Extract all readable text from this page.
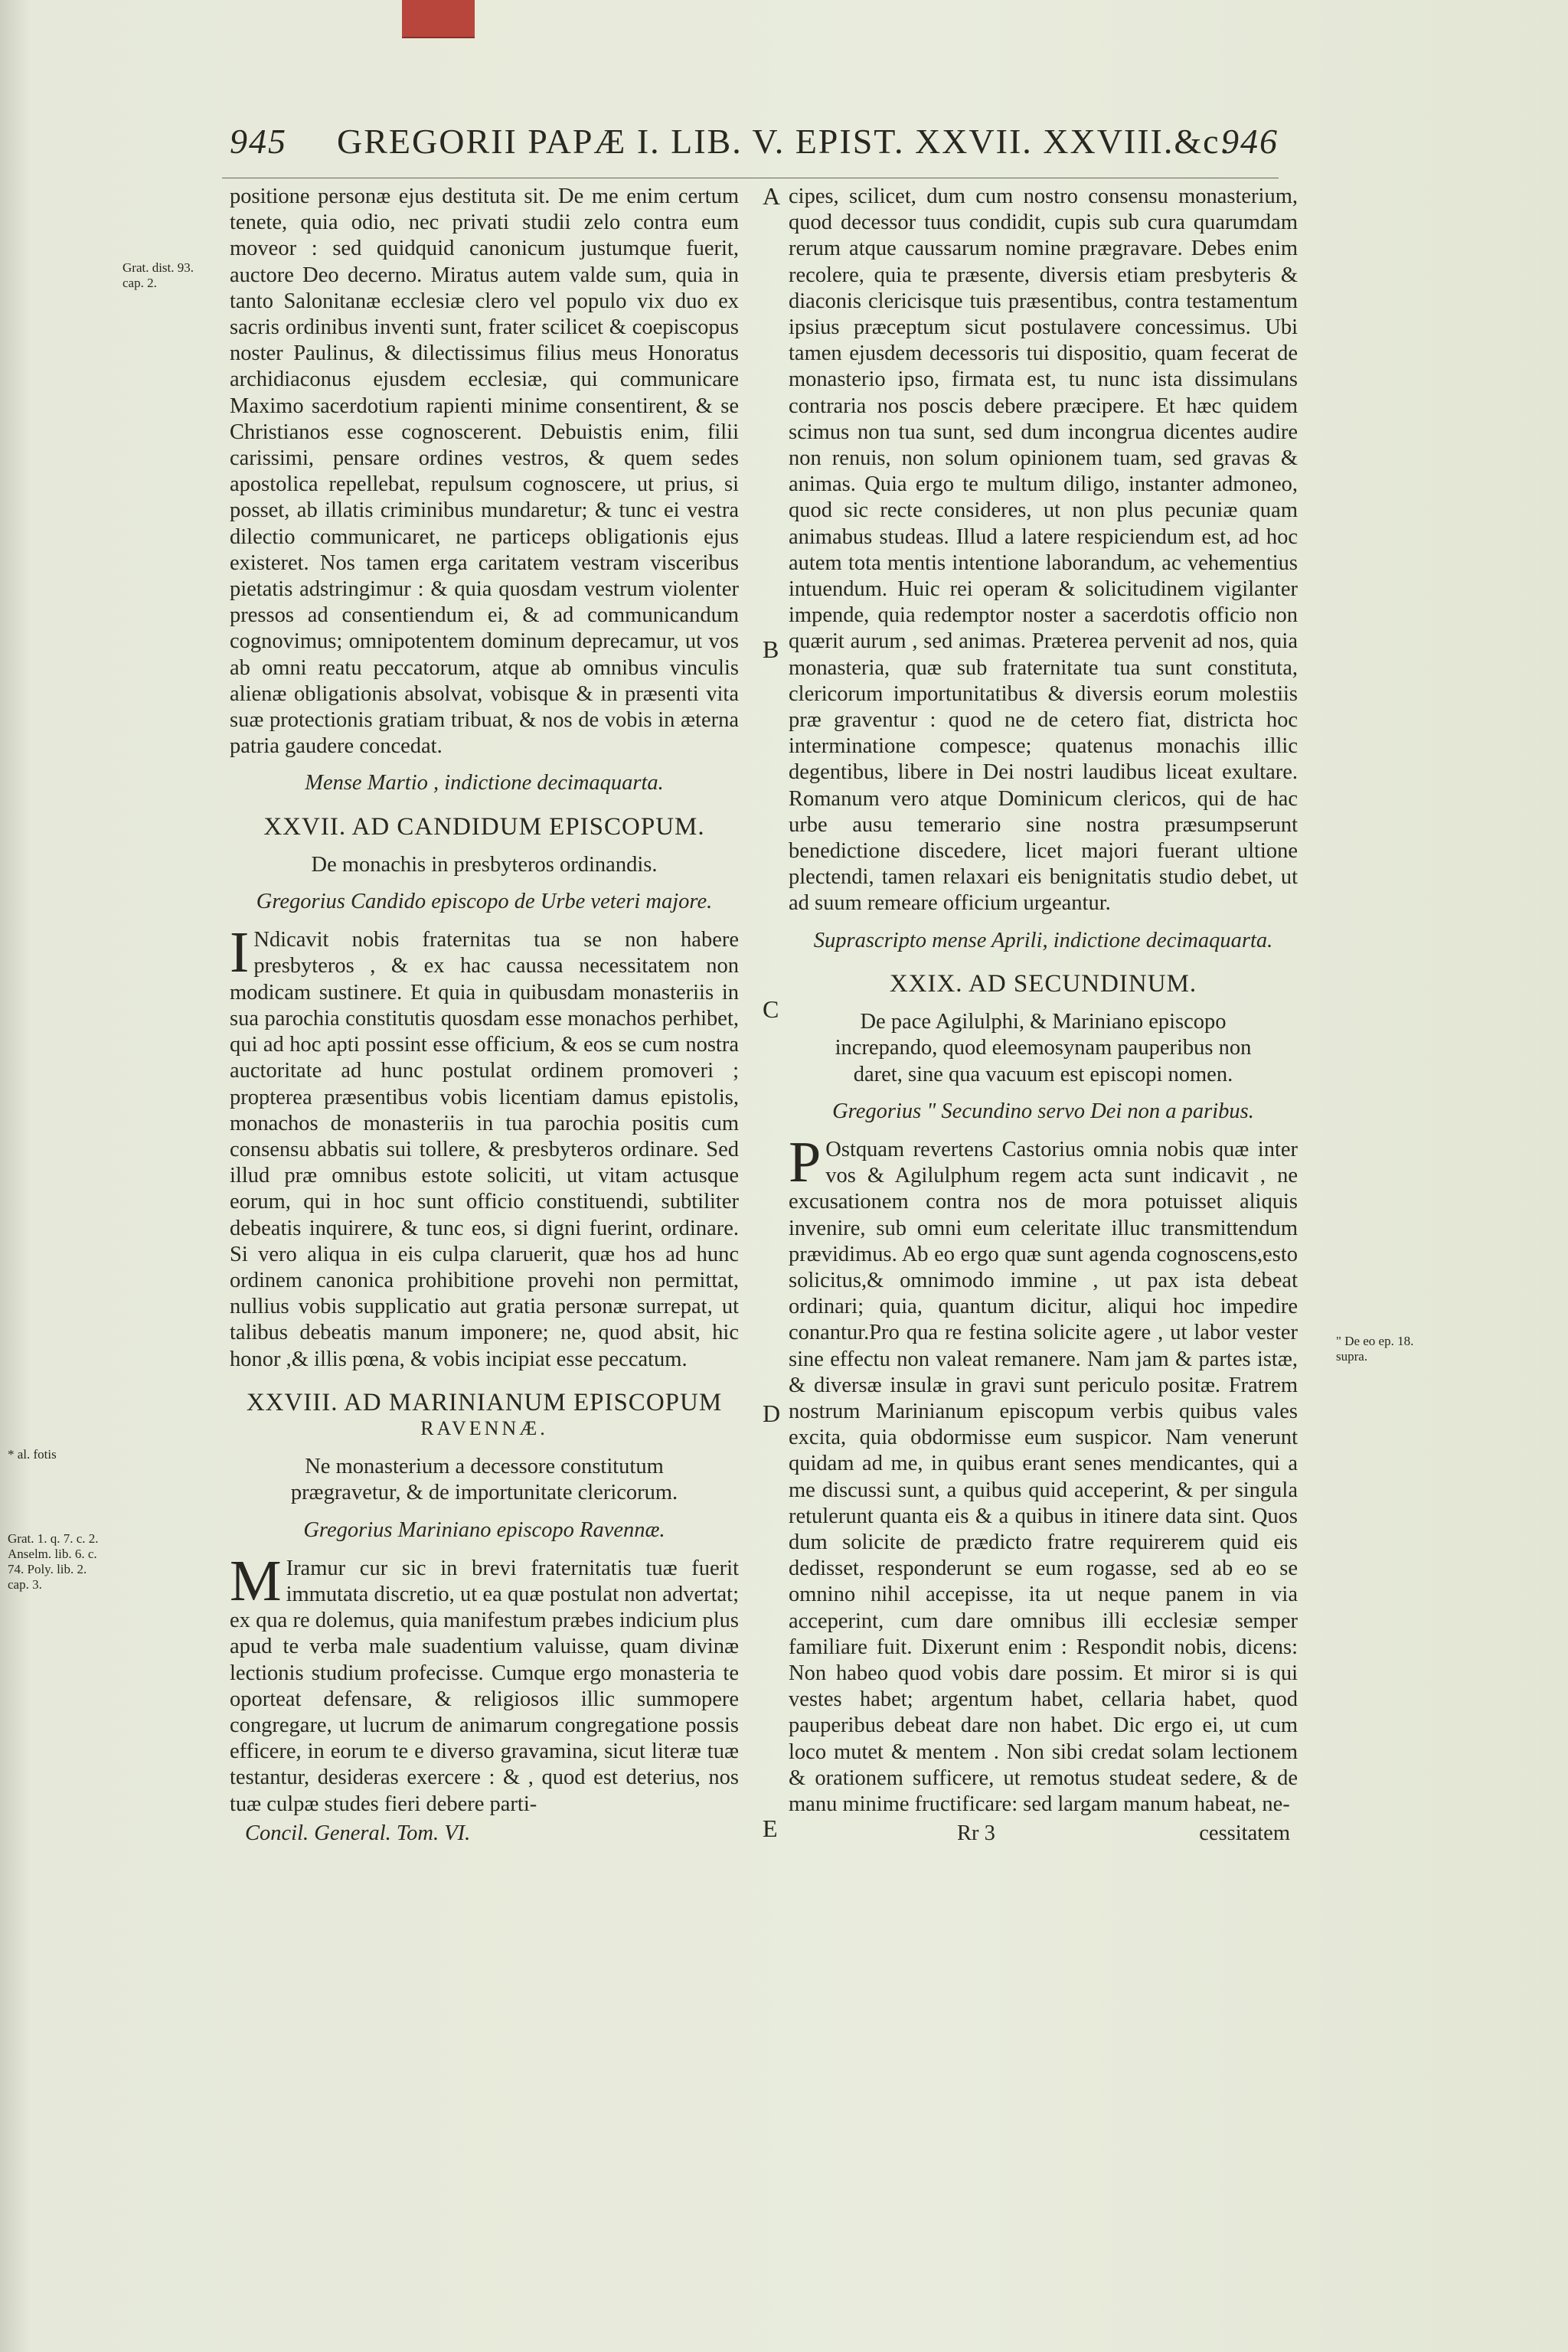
945 GREGORII PAPÆ I. LIB. V. EPIST. XXVII. XXVIII.&c.
946
Grat. dist. 93. cap. 2.
* al. fotis
Grat. 1. q. 7. c. 2. Anselm. lib. 6. c. 74. Poly. lib. 2. cap. 3.
" De eo ep. 18. supra.
A
B
C
D
E

positione personæ ejus destituta sit. De me enim certum tenete, quia odio, nec privati studii zelo contra eum moveor : sed quidquid canonicum justumque fuerit, auctore Deo decerno. Miratus autem valde sum, quia in tanto Salonitanæ ecclesiæ clero vel populo vix duo ex sacris ordinibus inventi sunt, frater scilicet & coepiscopus noster Paulinus, & dilectissimus filius meus Honoratus archidiaconus ejusdem ecclesiæ, qui communicare Maximo sacerdotium rapienti minime consentirent, & se Christianos esse cognoscerent. Debuistis enim, filii carissimi, pensare ordines vestros, & quem sedes apostolica repellebat, repulsum cognoscere, ut prius, si posset, ab illatis criminibus mundaretur; & tunc ei vestra dilectio communicaret, ne particeps obligationis ejus existeret. Nos tamen erga caritatem vestram visceribus pietatis adstringimur : & quia quosdam vestrum violenter pressos ad consentiendum ei, & ad communicandum cognovimus; omnipotentem dominum deprecamur, ut vos ab omni reatu peccatorum, atque ab omnibus vinculis alienæ obligationis absolvat, vobisque & in præsenti vita suæ protectionis gratiam tribuat, & nos de vobis in æterna patria gaudere concedat.

Mense Martio , indictione decimaquarta.
XXVII. AD CANDIDUM EPISCOPUM.
De monachis in presbyteros ordinandis.
Gregorius Candido episcopo de Urbe veteri majore.

I Ndicavit nobis fraternitas tua se non habere presbyteros , & ex hac caussa necessitatem non modicam sustinere. Et quia in quibusdam monasteriis in sua parochia constitutis quosdam esse monachos perhibet, qui ad hoc apti possint esse officium, & eos se cum nostra auctoritate ad hunc postulat ordinem promoveri ; propterea præsentibus vobis licentiam damus epistolis, monachos de monasteriis in tua parochia positis cum consensu abbatis sui tollere, & presbyteros ordinare. Sed illud præ omnibus estote soliciti, ut vitam actusque eorum, qui in hoc sunt officio constituendi, subtiliter debeatis inquirere, & tunc eos, si digni fuerint, ordinare. Si vero aliqua in eis culpa claruerit, quæ hos ad hunc ordinem canonica prohibitione provehi non permittat, nullius vobis supplicatio aut gratia personæ surrepat, ut talibus debeatis manum imponere; ne, quod absit, hic honor ,& illis pœna, & vobis incipiat esse peccatum.

XXVIII. AD MARINIANUM EPISCOPUM
RAVENNÆ.
Ne monasterium a decessore constitutum prægravetur, & de importunitate clericorum.
Gregorius Mariniano episcopo Ravennæ.

M Iramur cur sic in brevi fraternitatis tuæ fuerit immutata discretio, ut ea quæ postulat non advertat; ex qua re dolemus, quia manifestum præbes indicium plus apud te verba male suadentium valuisse, quam divinæ lectionis studium profecisse. Cumque ergo monasteria te oporteat defensare, & religiosos illic summopere congregare, ut lucrum de animarum congregatione possis efficere, in eorum te e diverso gravamina, sicut literæ tuæ testantur, desideras exercere : & , quod est deterius, nos tuæ culpæ studes fieri debere parti-

Concil. General. Tom. VI.

cipes, scilicet, dum cum nostro consensu monasterium, quod decessor tuus condidit, cupis sub cura quarumdam rerum atque caussarum nomine prægravare. Debes enim recolere, quia te præsente, diversis etiam presbyteris & diaconis clericisque tuis præsentibus, contra testamentum ipsius præceptum sicut postulavere concessimus. Ubi tamen ejusdem decessoris tui dispositio, quam fecerat de monasterio ipso, firmata est, tu nunc ista dissimulans contraria nos poscis debere præcipere. Et hæc quidem scimus non tua sunt, sed dum incongrua dicentes audire non renuis, non solum opinionem tuam, sed gravas & animas. Quia ergo te multum diligo, instanter admoneo, quod sic recte consideres, ut non plus pecuniæ quam animabus studeas. Illud a latere respiciendum est, ad hoc autem tota mentis intentione laborandum, ac vehementius intuendum. Huic rei operam & solicitudinem vigilanter impende, quia redemptor noster a sacerdotis officio non quærit aurum , sed animas. Præterea pervenit ad nos, quia monasteria, quæ sub fraternitate tua sunt constituta, clericorum importunitatibus & diversis eorum molestiis præ graventur : quod ne de cetero fiat, districta hoc interminatione compesce; quatenus monachis illic degentibus, libere in Dei nostri laudibus liceat exultare. Romanum vero atque Dominicum clericos, qui de hac urbe ausu temerario sine nostra præsumpserunt benedictione discedere, licet majori fuerant ultione plectendi, tamen relaxari eis benignitatis studio debet, ut ad suum remeare officium urgeantur.

Suprascripto mense Aprili, indictione decimaquarta.
XXIX. AD SECUNDINUM.
De pace Agilulphi, & Mariniano episcopo increpando, quod eleemosynam pauperibus non daret, sine qua vacuum est episcopi nomen.
Gregorius " Secundino servo Dei non a paribus.

P Ostquam revertens Castorius omnia nobis quæ inter vos & Agilulphum regem acta sunt indicavit , ne excusationem contra nos de mora potuisset aliquis invenire, sub omni eum celeritate illuc transmittendum prævidimus. Ab eo ergo quæ sunt agenda cognoscens,esto solicitus,& omnimodo immine , ut pax ista debeat ordinari; quia, quantum dicitur, aliqui hoc impedire conantur.Pro qua re festina solicite agere , ut labor vester sine effectu non valeat remanere. Nam jam & partes istæ, & diversæ insulæ in gravi sunt periculo positæ. Fratrem nostrum Marinianum episcopum verbis quibus vales excita, quia obdormisse eum suspicor. Nam venerunt quidam ad me, in quibus erant senes mendicantes, qui a me discussi sunt, a quibus quid acceperint, & per singula retulerunt quanta eis & a quibus in itinere data sint. Quos dum solicite de prædicto fratre requirerem quid eis dedisset, responderunt se eum rogasse, sed ab eo se omnino nihil accepisse, ita ut neque panem in via acceperint, cum dare omnibus illi ecclesiæ semper familiare fuit. Dixerunt enim : Respondit nobis, dicens: Non habeo quod vobis dare possim. Et miror si is qui vestes habet; argentum habet, cellaria habet, quod pauperibus debeat dare non habet. Dic ergo ei, ut cum loco mutet & mentem . Non sibi credat solam lectionem & orationem sufficere, ut remotus studeat sedere, & de manu minime fructificare: sed largam manum habeat, ne-

Rr 3	cessitatem
